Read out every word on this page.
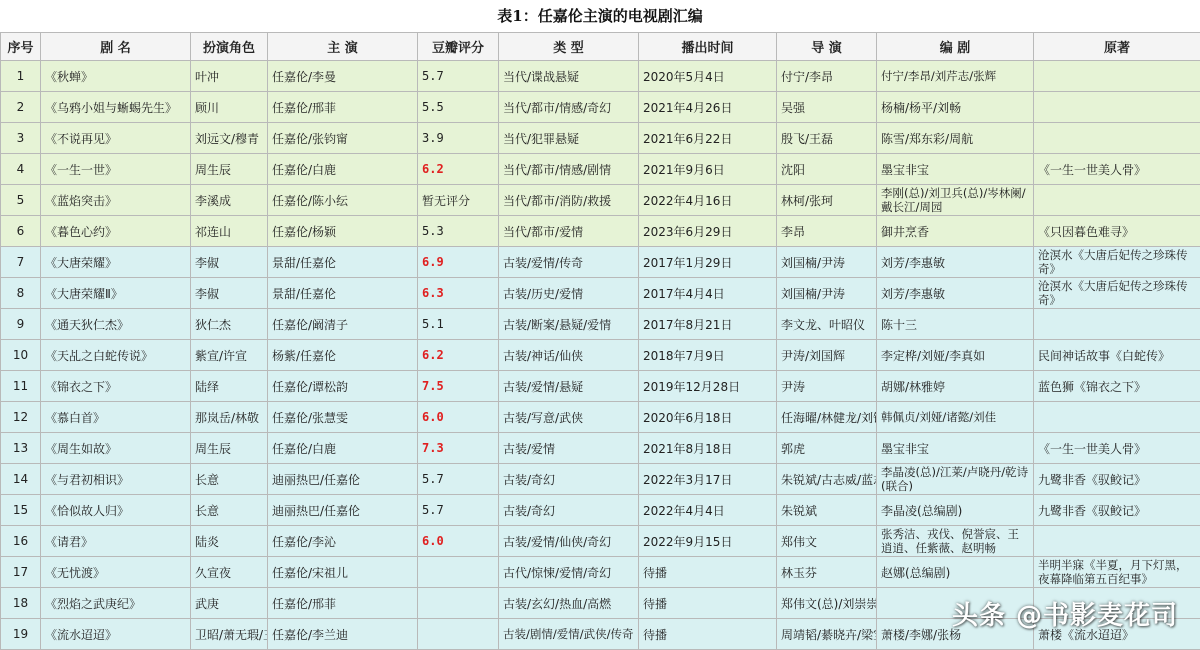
表1：任嘉伦主演的电视剧汇编
序号	剧 名	扮演角色	主 演	豆瓣评分	类 型	播出时间	导 演	编 剧	原著
1	《秋蝉》	叶冲	任嘉伦/李曼	5.7	当代/谍战悬疑	2020年5月4日	付宁/李昂	付宁/李昂/刘芹志/张辉	
2	《乌鸦小姐与蜥蜴先生》	顾川	任嘉伦/邢菲	5.5	当代/都市/情感/奇幻	2021年4月26日	吴强	杨楠/杨平/刘畅	
3	《不说再见》	刘远文/穆青	任嘉伦/张钧甯	3.9	当代/犯罪悬疑	2021年6月22日	殷飞/王磊	陈雪/郑东彩/周航	
4	《一生一世》	周生辰	任嘉伦/白鹿	6.2	当代/都市/情感/剧情	2021年9月6日	沈阳	墨宝非宝	《一生一世美人骨》
5	《蓝焰突击》	李溪成	任嘉伦/陈小纭	暂无评分	当代/都市/消防/救援	2022年4月16日	林柯/张珂	李刚(总)/刘卫兵(总)/岑林阑/戴长江/周园	
6	《暮色心约》	祁连山	任嘉伦/杨颖	5.3	当代/都市/爱情	2023年6月29日	李昂	御井烹香	《只因暮色难寻》
7	《大唐荣耀》	李俶	景甜/任嘉伦	6.9	古装/爱情/传奇	2017年1月29日	刘国楠/尹涛	刘芳/李惠敏	沧溟水《大唐后妃传之珍珠传奇》
8	《大唐荣耀Ⅱ》	李俶	景甜/任嘉伦	6.3	古装/历史/爱情	2017年4月4日	刘国楠/尹涛	刘芳/李惠敏	沧溟水《大唐后妃传之珍珠传奇》
9	《通天狄仁杰》	狄仁杰	任嘉伦/阚清子	5.1	古装/断案/悬疑/爱情	2017年8月21日	李文龙、叶昭仪	陈十三	
10	《天乩之白蛇传说》	紫宣/许宣	杨紫/任嘉伦	6.2	古装/神话/仙侠	2018年7月9日	尹涛/刘国辉	李定桦/刘娅/李真如	民间神话故事《白蛇传》
11	《锦衣之下》	陆绎	任嘉伦/谭松韵	7.5	古装/爱情/悬疑	2019年12月28日	尹涛	胡娜/林雅婷	蓝色狮《锦衣之下》
12	《慕白首》	那岚岳/林敬	任嘉伦/张慧雯	6.0	古装/写意/武侠	2020年6月18日	任海曜/林健龙/刘	韩佩贞/刘娅/诸懿/刘佳	
13	《周生如故》	周生辰	任嘉伦/白鹿	7.3	古装/爱情	2021年8月18日	郭虎	墨宝非宝	《一生一世美人骨》
14	《与君初相识》	长意	迪丽热巴/任嘉伦	5.7	古装/奇幻	2022年3月17日	朱锐斌/古志威/蓝	李晶凌(总)/江莱/卢晓丹/乾诗(联合)	九鹭非香《驭鲛记》
15	《恰似故人归》	长意	迪丽热巴/任嘉伦	5.7	古装/奇幻	2022年4月4日	朱锐斌	李晶凌(总编剧)	九鹭非香《驭鲛记》
16	《请君》	陆炎	任嘉伦/李沁	6.0	古装/爱情/仙侠/奇幻	2022年9月15日	郑伟文	张秀洁、戎伐、倪誉宸、王逍逍、任紫薇、赵明畅	
17	《无忧渡》	久宣夜	任嘉伦/宋祖儿		古代/惊悚/爱情/奇幻	待播	林玉芬	赵娜(总编剧)	半明半寐《半夏，月下灯黑，夜幕降临第五百纪事》
18	《烈焰之武庚纪》	武庚	任嘉伦/邢菲		古装/玄幻/热血/高燃	待播	郑伟文(总)/刘崇崇		
19	《流水迢迢》	卫昭/萧无瑕/	任嘉伦/李兰迪		古装/剧情/爱情/武侠/传奇	待播	周靖韬/綦晓卉/梁	萧楼/李娜/张杨	萧楼《流水迢迢》
头条 @书影麦花司
